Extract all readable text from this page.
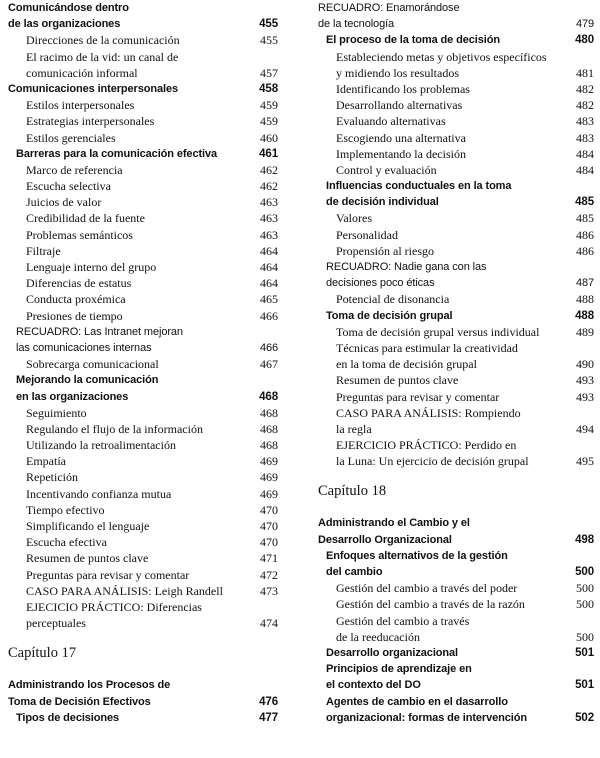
Comunicándose dentro
de las organizaciones	455
Direcciones de la comunicación	455
El racimo de la vid: un canal de
comunicación informal	457
Comunicaciones interpersonales	458
Estilos interpersonales	459
Estrategias interpersonales	459
Estilos gerenciales	460
Barreras para la comunicación efectiva	461
Marco de referencia	462
Escucha selectiva	462
Juicios de valor	463
Credibilidad de la fuente	463
Problemas semánticos	463
Filtraje	464
Lenguaje interno del grupo	464
Diferencias de estatus	464
Conducta proxémica	465
Presiones de tiempo	466
RECUADRO: Las Intranet mejoran
las comunicaciones internas	466
Sobrecarga comunicacional	467
Mejorando la comunicación
en las organizaciones	468
Seguimiento	468
Regulando el flujo de la información	468
Utilizando la retroalimentación	468
Empatía	469
Repetición	469
Incentivando confianza mutua	469
Tiempo efectivo	470
Simplificando el lenguaje	470
Escucha efectiva	470
Resumen de puntos clave	471
Preguntas para revisar y comentar	472
CASO PARA ANÁLISIS: Leigh Randell	473
EJECICIO PRÁCTICO: Diferencias
perceptuales	474
Capítulo 17
Administrando los Procesos de
Toma de Decisión Efectivos	476
Tipos de decisiones	477
RECUADRO: Enamorándose
de la tecnología	479
El proceso de la toma de decisión	480
Estableciendo metas y objetivos específicos
y midiendo los resultados	481
Identificando los problemas	482
Desarrollando alternativas	482
Evaluando alternativas	483
Escogiendo una alternativa	483
Implementando la decisión	484
Control y evaluación	484
Influencias conductuales en la toma
de decisión individual	485
Valores	485
Personalidad	486
Propensión al riesgo	486
RECUADRO: Nadie gana con las
decisiones poco éticas	487
Potencial de disonancia	488
Toma de decisión grupal	488
Toma de decisión grupal versus individual	489
Técnicas para estimular la creatividad
en la toma de decisión grupal	490
Resumen de puntos clave	493
Preguntas para revisar y comentar	493
CASO PARA ANÁLISIS: Rompiendo
la regla	494
EJERCICIO PRÁCTICO: Perdido en
la Luna: Un ejercicio de decisión grupal	495
Capítulo 18
Administrando el Cambio y el
Desarrollo Organizacional	498
Enfoques alternativos de la gestión
del cambio	500
Gestión del cambio a través del poder	500
Gestión del cambio a través de la razón	500
Gestión del cambio a través
de la reeducación	500
Desarrollo organizacional	501
Principios de aprendizaje en
el contexto del DO	501
Agentes de cambio en el dasarrollo
organizacional: formas de intervención	502
